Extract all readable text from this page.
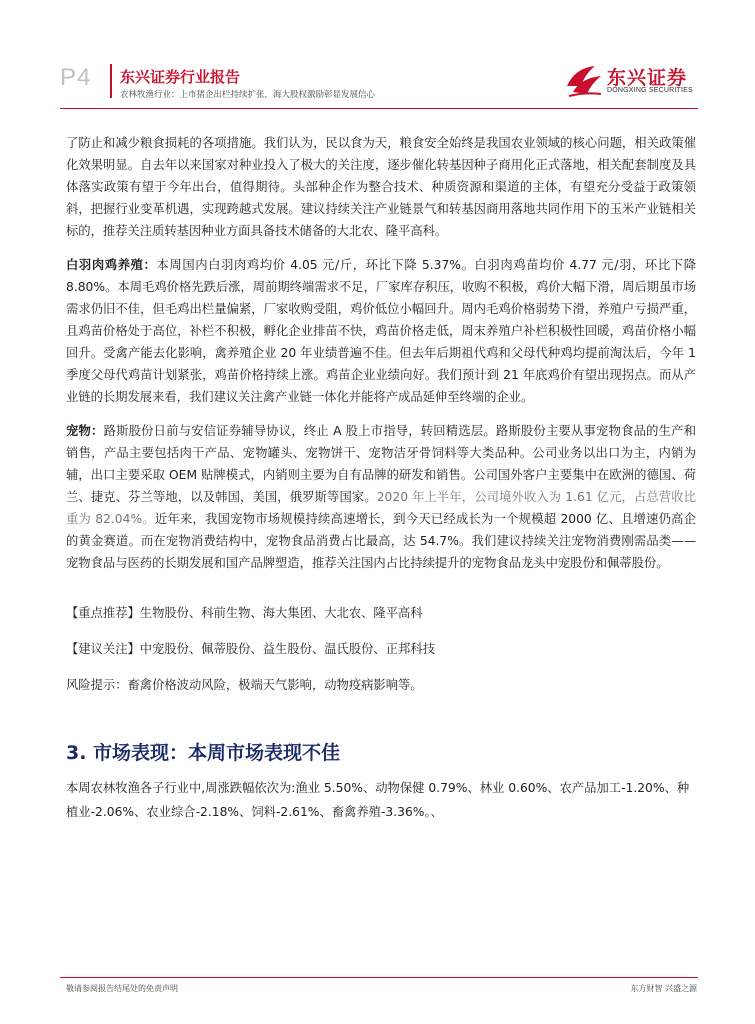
P4 东兴证券行业报告
农林牧渔行业：上市猪企出栏持续扩张，海大股权激励彰显发展信心
东兴证券
DONGXING SECURITIES

了防止和减少粮食损耗的各项措施。我们认为，民以食为天，粮食安全始终是我国农业领域的核心问题，相关政策催化效果明显。自去年以来国家对种业投入了极大的关注度，逐步催化转基因种子商用化正式落地，相关配套制度及具体落实政策有望于今年出台，值得期待。头部种企作为整合技术、种质资源和渠道的主体，有望充分受益于政策领斜，把握行业变革机遇，实现跨越式发展。建议持续关注产业链景气和转基因商用落地共同作用下的玉米产业链相关标的，推荐关注质转基因种业方面具备技术储备的大北农、隆平高科。

白羽肉鸡养殖：本周国内白羽肉鸡均价 4.05 元/斤，环比下降 5.37%。白羽肉鸡苗均价 4.77 元/羽，环比下降 8.80%。本周毛鸡价格先跌后涨，周前期终端需求不足，厂家库存积压，收购不积极，鸡价大幅下滑，周后期虽市场需求仍旧不佳，但毛鸡出栏量偏紧，厂家收购受阻，鸡价低位小幅回升。周内毛鸡价格弱势下滑，养殖户亏损严重，且鸡苗价格处于高位，补栏不积极，孵化企业排苗不快，鸡苗价格走低，周末养殖户补栏积极性回暖，鸡苗价格小幅回升。受禽产能去化影响，禽养殖企业 20 年业绩普遍不佳。但去年后期祖代鸡和父母代种鸡均提前淘汰后，今年 1 季度父母代鸡苗计划紧张，鸡苗价格持续上涨。鸡苗企业业绩向好。我们预计到 21 年底鸡价有望出现拐点。而从产业链的长期发展来看，我们建议关注禽产业链一体化并能将产成品延伸至终端的企业。

宠物：路斯股份日前与安信证券辅导协议，终止 A 股上市指导，转回精选层。路斯股份主要从事宠物食品的生产和销售，产品主要包括肉干产品、宠物罐头、宠物饼干、宠物洁牙骨饲料等大类品种。公司业务以出口为主，内销为辅，出口主要采取 OEM 贴牌模式，内销则主要为自有品牌的研发和销售。公司国外客户主要集中在欧洲的德国、荷兰、捷克、芬兰等地，以及韩国，美国，俄罗斯等国家。2020 年上半年，公司境外收入为 1.61 亿元，占总营收比重为 82.04%。近年来，我国宠物市场规模持续高速增长，到今天已经成长为一个规模超 2000 亿、且增速仍高企的黄金赛道。而在宠物消费结构中，宠物食品消费占比最高，达 54.7%。我们建议持续关注宠物消费刚需品类——宠物食品与医药的长期发展和国产品牌塑造，推荐关注国内占比持续提升的宠物食品龙头中宠股份和佩蒂股份。

【重点推荐】生物股份、科前生物、海大集团、大北农、隆平高科

【建议关注】中宠股份、佩蒂股份、益生股份、温氏股份、正邦科技

风险提示：畜禽价格波动风险，极端天气影响，动物疫病影响等。

3. 市场表现：本周市场表现不佳
本周农林牧渔各子行业中,周涨跌幅依次为:渔业 5.50%、动物保健 0.79%、林业 0.60%、农产品加工-1.20%、种植业-2.06%、农业综合-2.18%、饲料-2.61%、畜禽养殖-3.36%。、
敬请参阅报告结尾处的免责声明	东方财智 兴盛之源
